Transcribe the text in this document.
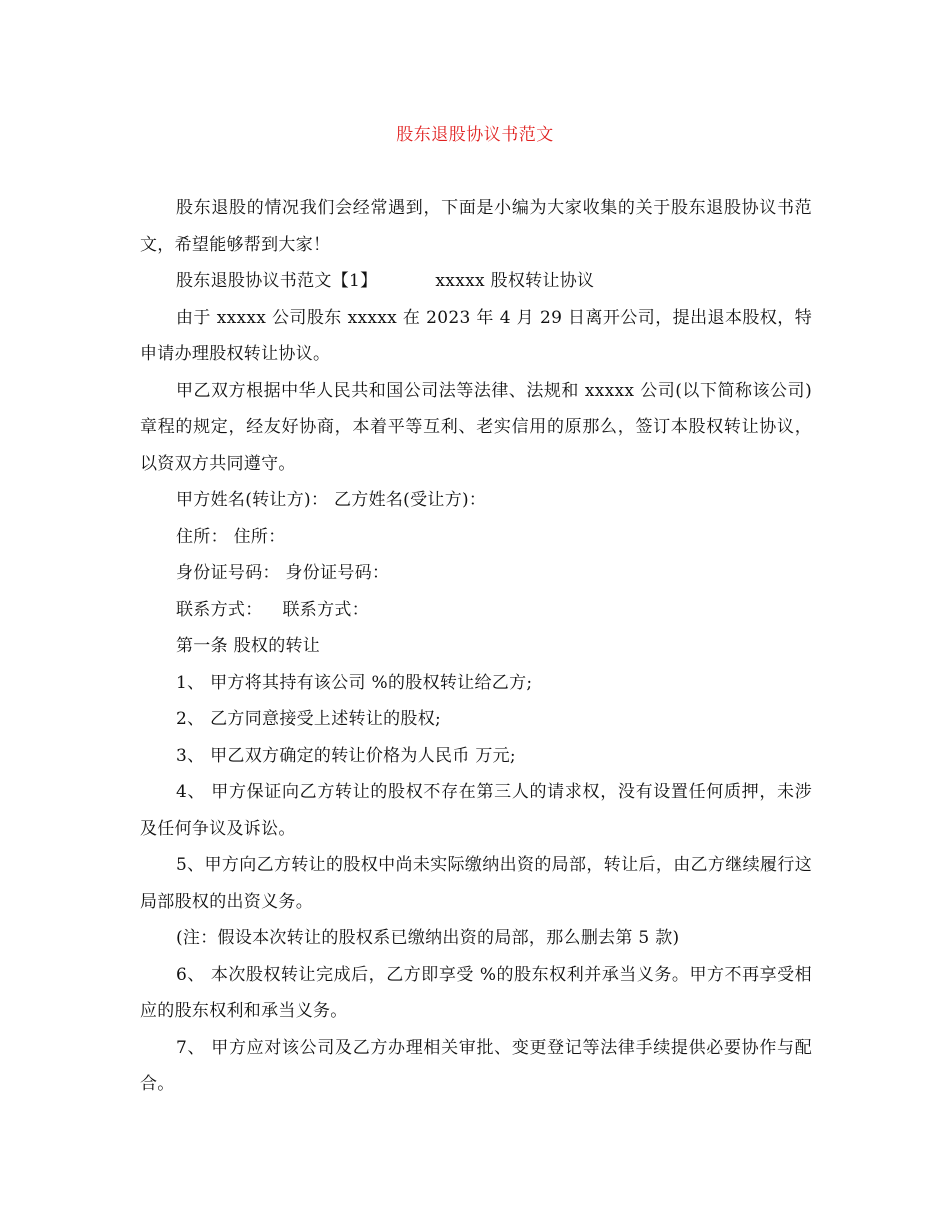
股东退股协议书范文

股东退股的情况我们会经常遇到，下面是小编为大家收集的关于股东退股协议书范文，希望能够帮到大家！

股东退股协议书范文【1】	xxxxx 股权转让协议

由于 xxxxx 公司股东 xxxxx 在 2023 年 4 月 29 日离开公司，提出退本股权，特申请办理股权转让协议。

甲乙双方根据中华人民共和国公司法等法律、法规和 xxxxx 公司(以下简称该公司)章程的规定，经友好协商，本着平等互利、老实信用的原那么，签订本股权转让协议，以资双方共同遵守。

甲方姓名(转让方)： 乙方姓名(受让方)：

住所： 住所：

身份证号码： 身份证号码：

联系方式： 联系方式：

第一条 股权的转让

1、 甲方将其持有该公司 %的股权转让给乙方;

2、 乙方同意接受上述转让的股权;

3、 甲乙双方确定的转让价格为人民币 万元;

4、 甲方保证向乙方转让的股权不存在第三人的请求权，没有设置任何质押，未涉及任何争议及诉讼。

5、甲方向乙方转让的股权中尚未实际缴纳出资的局部，转让后，由乙方继续履行这局部股权的出资义务。

(注：假设本次转让的股权系已缴纳出资的局部，那么删去第 5 款)

6、 本次股权转让完成后，乙方即享受 %的股东权利并承当义务。甲方不再享受相应的股东权利和承当义务。

7、 甲方应对该公司及乙方办理相关审批、变更登记等法律手续提供必要协作与配合。
